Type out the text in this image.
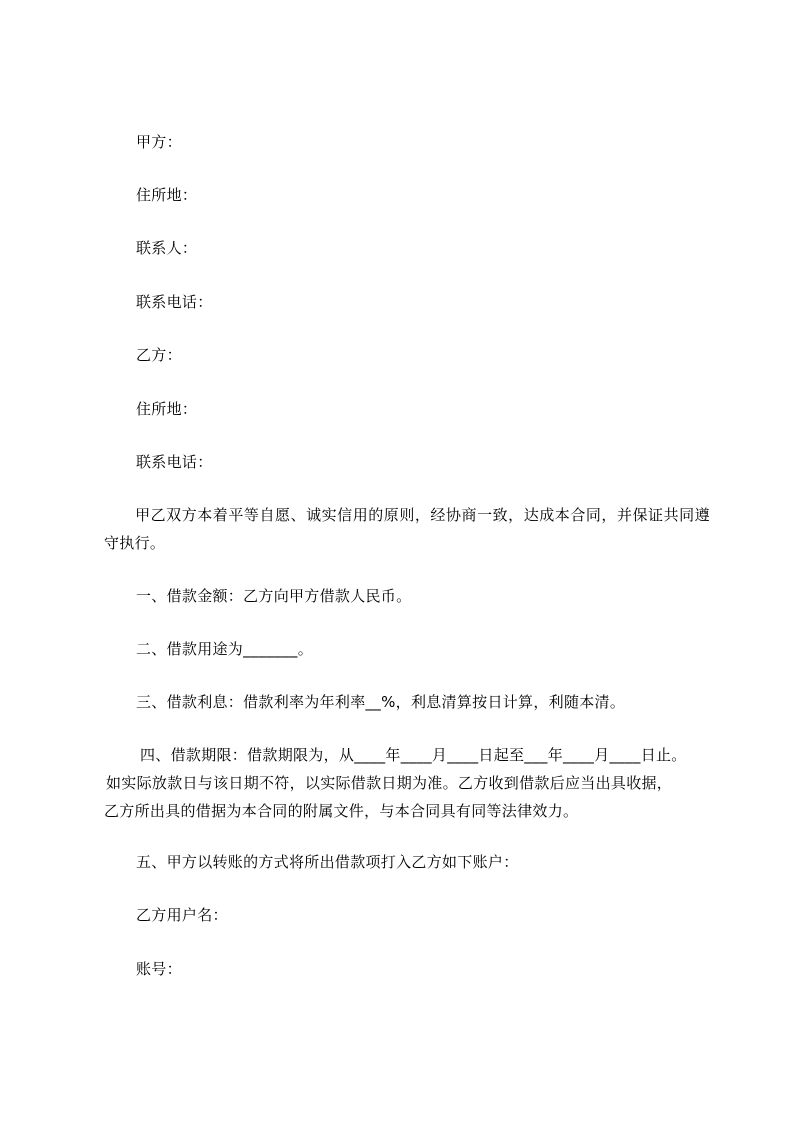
甲方：
住所地：
联系人：
联系电话：
乙方：
住所地：
联系电话：
　　甲乙双方本着平等自愿、诚实信用的原则，经协商一致，达成本合同，并保证共同遵守执行。
一、借款金额：乙方向甲方借款人民币。
二、借款用途为_______。
三、借款利息：借款利率为年利率__%，利息清算按日计算，利随本清。
四、借款期限：借款期限为，从____年____月____日起至___年____月____日止。
如实际放款日与该日期不符，以实际借款日期为准。乙方收到借款后应当出具收据，
乙方所出具的借据为本合同的附属文件，与本合同具有同等法律效力。
五、甲方以转账的方式将所出借款项打入乙方如下账户：
乙方用户名：
账号：
